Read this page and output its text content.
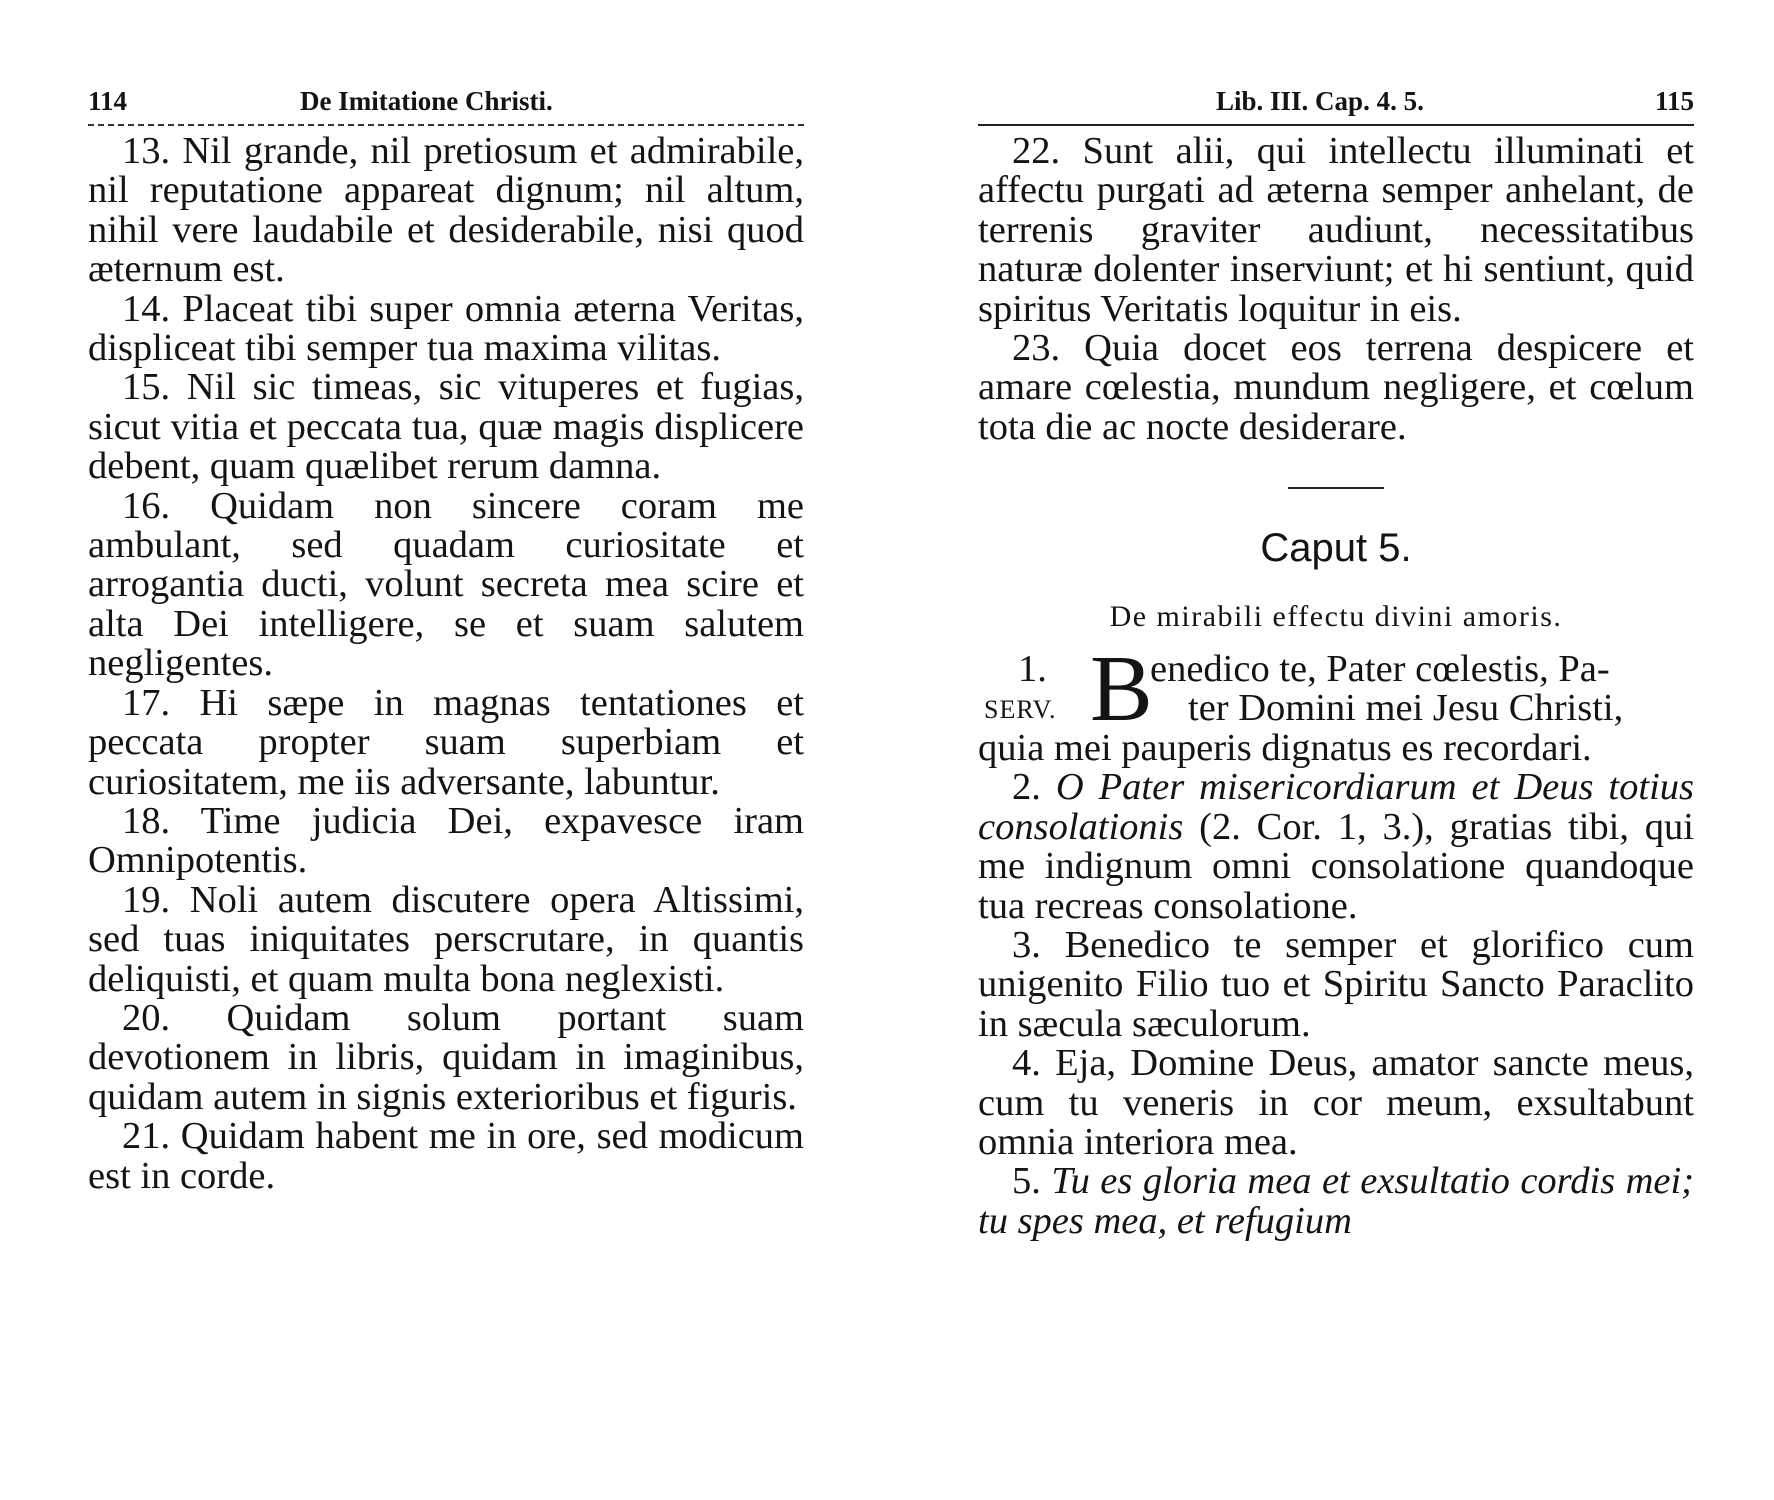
114	De Imitatione Christi.

13. Nil grande, nil pretiosum et admirabile, nil reputatione appareat dignum; nil altum, nihil vere laudabile et desiderabile, nisi quod æternum est.

14. Placeat tibi super omnia æterna Veritas, displiceat tibi semper tua maxima vilitas.

15. Nil sic timeas, sic vituperes et fugias, sicut vitia et peccata tua, quæ magis displicere debent, quam quælibet rerum damna.

16. Quidam non sincere coram me ambulant, sed quadam curiositate et arrogantia ducti, volunt secreta mea scire et alta Dei intelligere, se et suam salutem negligentes.

17. Hi sæpe in magnas tentationes et peccata propter suam superbiam et curiositatem, me iis adversante, labuntur.

18. Time judicia Dei, expavesce iram Omnipotentis.

19. Noli autem discutere opera Altissimi, sed tuas iniquitates perscrutare, in quantis deliquisti, et quam multa bona neglexisti.

20. Quidam solum portant suam devotionem in libris, quidam in imaginibus, quidam autem in signis exterioribus et figuris.

21. Quidam habent me in ore, sed modicum est in corde.

Lib. III. Cap. 4. 5.	115

22. Sunt alii, qui intellectu illuminati et affectu purgati ad æterna semper anhelant, de terrenis graviter audiunt, necessitatibus naturæ dolenter inserviunt; et hi sentiunt, quid spiritus Veritatis loquitur in eis.

23. Quia docet eos terrena despicere et amare cœlestia, mundum negligere, et cœlum tota die ac nocte desiderare.

Caput 5.
De mirabili effectu divini amoris.
1.
SERV. B
enedico te, Pater cœlestis, Pa-
ter Domini mei Jesu Christi,
quia mei pauperis dignatus es recordari.

2. O Pater misericordiarum et Deus totius consolationis (2. Cor. 1, 3.), gratias tibi, qui me indignum omni consolatione quandoque tua recreas consolatione.

3. Benedico te semper et glorifico cum unigenito Filio tuo et Spiritu Sancto Paraclito in sæcula sæculorum.

4. Eja, Domine Deus, amator sancte meus, cum tu veneris in cor meum, exsultabunt omnia interiora mea.

5. Tu es gloria mea et exsultatio cordis mei; tu spes mea, et refugium
